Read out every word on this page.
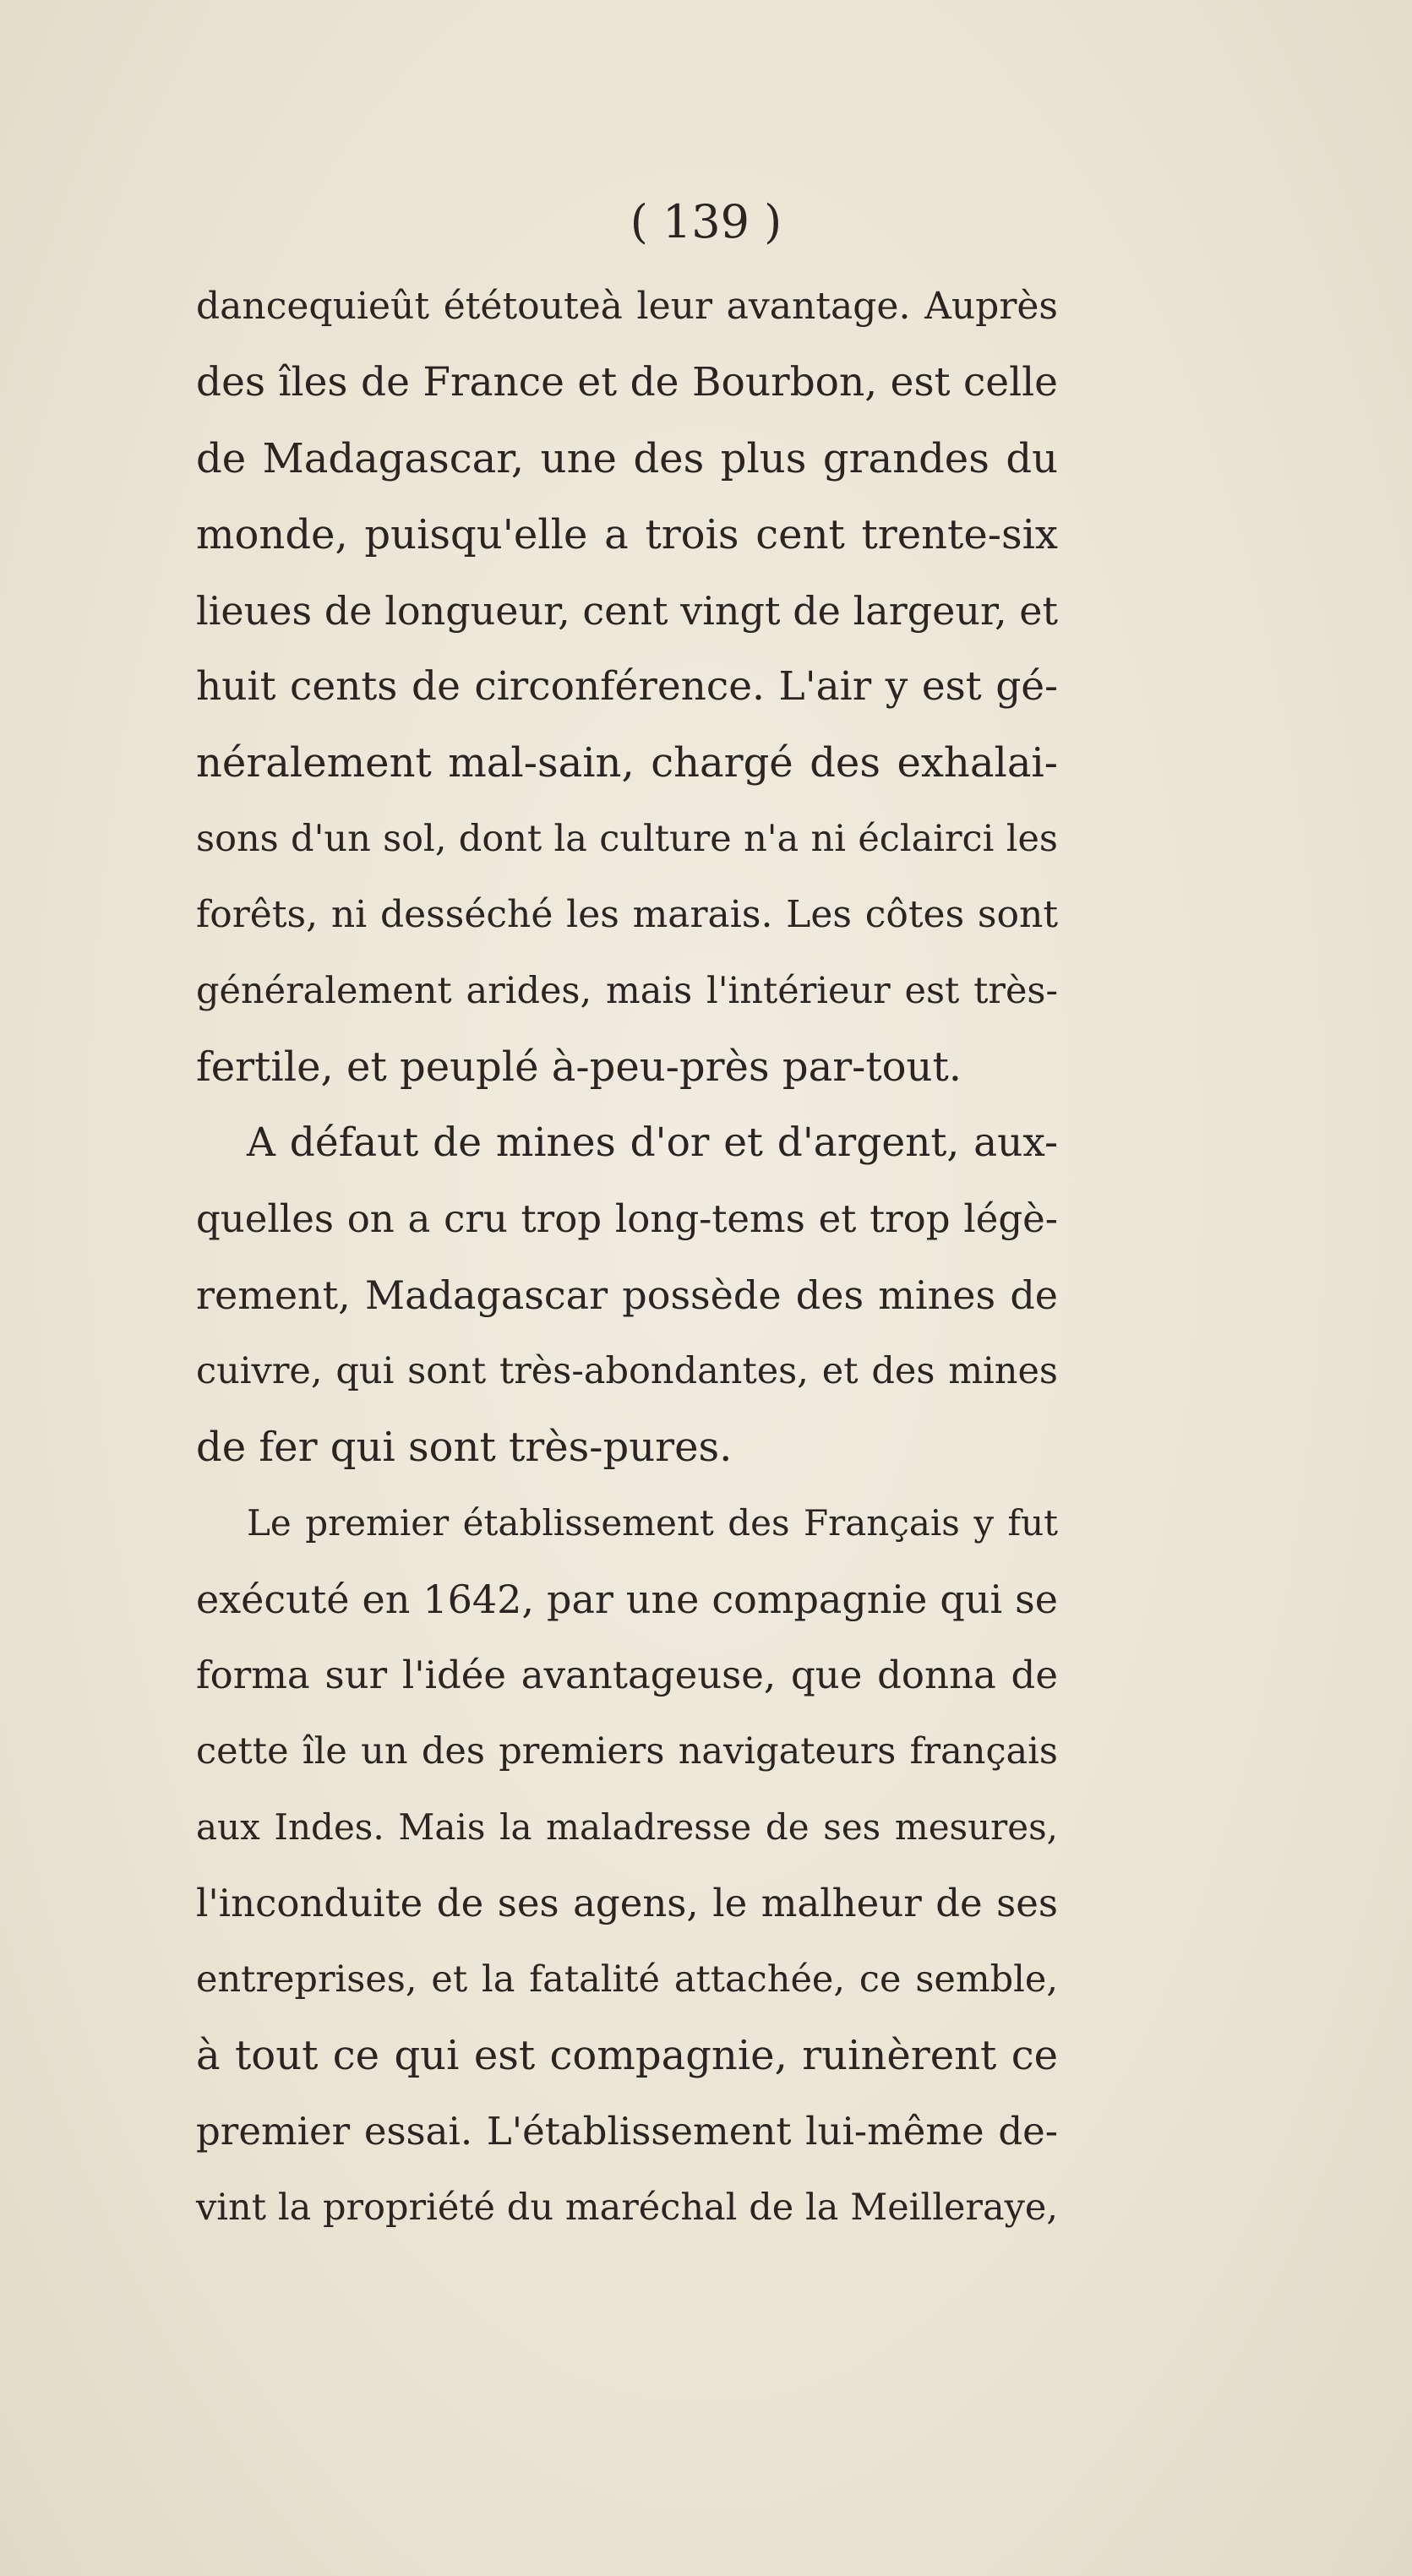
( 139 )
dancequieût ététouteà leur avantage. Auprès
des îles de France et de Bourbon, est celle
de Madagascar, une des plus grandes du
monde, puisqu'elle a trois cent trente-six
lieues de longueur, cent vingt de largeur, et
huit cents de circonférence. L'air y est gé-
néralement mal-sain, chargé des exhalai-
sons d'un sol, dont la culture n'a ni éclairci les
forêts, ni desséché les marais. Les côtes sont
généralement arides, mais l'intérieur est très-
fertile, et peuplé à-peu-près par-tout.
A défaut de mines d'or et d'argent, aux-
quelles on a cru trop long-tems et trop légè-
rement, Madagascar possède des mines de
cuivre, qui sont très-abondantes, et des mines
de fer qui sont très-pures.
Le premier établissement des Français y fut
exécuté en 1642, par une compagnie qui se
forma sur l'idée avantageuse, que donna de
cette île un des premiers navigateurs français
aux Indes. Mais la maladresse de ses mesures,
l'inconduite de ses agens, le malheur de ses
entreprises, et la fatalité attachée, ce semble,
à tout ce qui est compagnie, ruinèrent ce
premier essai. L'établissement lui-même de-
vint la propriété du maréchal de la Meilleraye,
